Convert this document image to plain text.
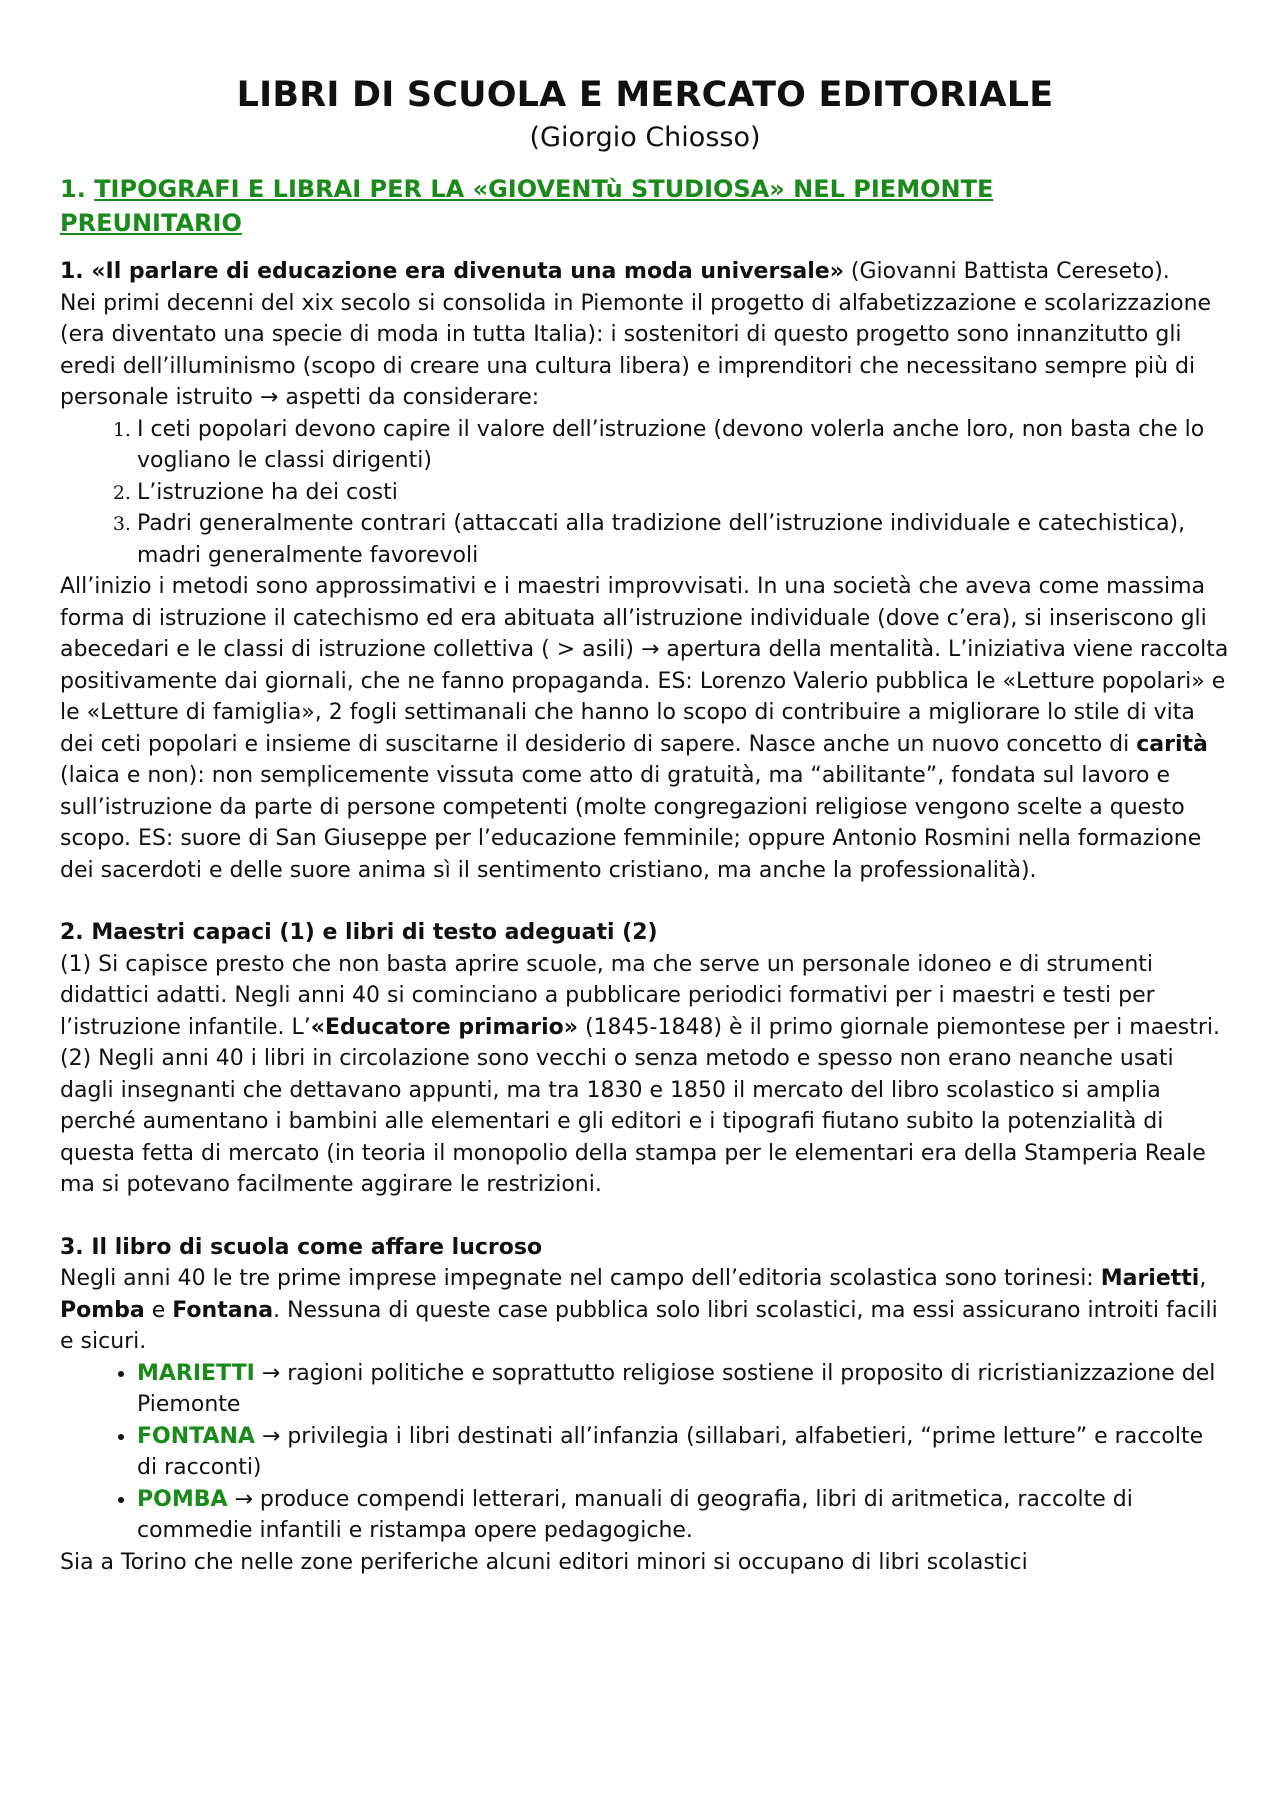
LIBRI DI SCUOLA E MERCATO EDITORIALE
(Giorgio Chiosso)
1. TIPOGRAFI E LIBRAI PER LA «GIOVENTù STUDIOSA» NEL PIEMONTE
PREUNITARIO

1. «Il parlare di educazione era divenuta una moda universale» (Giovanni Battista Cereseto).

Nei primi decenni del xix secolo si consolida in Piemonte il progetto di alfabetizzazione e scolarizzazione (era diventato una specie di moda in tutta Italia): i sostenitori di questo progetto sono innanzitutto gli eredi dell’illuminismo (scopo di creare una cultura libera) e imprenditori che necessitano sempre più di personale istruito → aspetti da considerare:

1. I ceti popolari devono capire il valore dell’istruzione (devono volerla anche loro, non basta che lo vogliano le classi dirigenti)
2. L’istruzione ha dei costi
3. Padri generalmente contrari (attaccati alla tradizione dell’istruzione individuale e catechistica), madri generalmente favorevoli

All’inizio i metodi sono approssimativi e i maestri improvvisati. In una società che aveva come massima forma di istruzione il catechismo ed era abituata all’istruzione individuale (dove c’era), si inseriscono gli abecedari e le classi di istruzione collettiva ( > asili) → apertura della mentalità. L’iniziativa viene raccolta positivamente dai giornali, che ne fanno propaganda. ES: Lorenzo Valerio pubblica le «Letture popolari» e le «Letture di famiglia», 2 fogli settimanali che hanno lo scopo di contribuire a migliorare lo stile di vita dei ceti popolari e insieme di suscitarne il desiderio di sapere. Nasce anche un nuovo concetto di carità (laica e non): non semplicemente vissuta come atto di gratuità, ma “abilitante”, fondata sul lavoro e sull’istruzione da parte di persone competenti (molte congregazioni religiose vengono scelte a questo scopo. ES: suore di San Giuseppe per l’educazione femminile; oppure Antonio Rosmini nella formazione dei sacerdoti e delle suore anima sì il sentimento cristiano, ma anche la professionalità).

2. Maestri capaci (1) e libri di testo adeguati (2)

(1) Si capisce presto che non basta aprire scuole, ma che serve un personale idoneo e di strumenti didattici adatti. Negli anni 40 si cominciano a pubblicare periodici formativi per i maestri e testi per l’istruzione infantile. L’«Educatore primario» (1845-1848) è il primo giornale piemontese per i maestri.

(2) Negli anni 40 i libri in circolazione sono vecchi o senza metodo e spesso non erano neanche usati dagli insegnanti che dettavano appunti, ma tra 1830 e 1850 il mercato del libro scolastico si amplia perché aumentano i bambini alle elementari e gli editori e i tipografi fiutano subito la potenzialità di questa fetta di mercato (in teoria il monopolio della stampa per le elementari era della Stamperia Reale ma si potevano facilmente aggirare le restrizioni.

3. Il libro di scuola come affare lucroso

Negli anni 40 le tre prime imprese impegnate nel campo dell’editoria scolastica sono torinesi: Marietti, Pomba e Fontana. Nessuna di queste case pubblica solo libri scolastici, ma essi assicurano introiti facili e sicuri.

• MARIETTI → ragioni politiche e soprattutto religiose sostiene il proposito di ricristianizzazione del Piemonte
• FONTANA → privilegia i libri destinati all’infanzia (sillabari, alfabetieri, “prime letture” e raccolte di racconti)
• POMBA → produce compendi letterari, manuali di geografia, libri di aritmetica, raccolte di commedie infantili e ristampa opere pedagogiche.

Sia a Torino che nelle zone periferiche alcuni editori minori si occupano di libri scolastici
